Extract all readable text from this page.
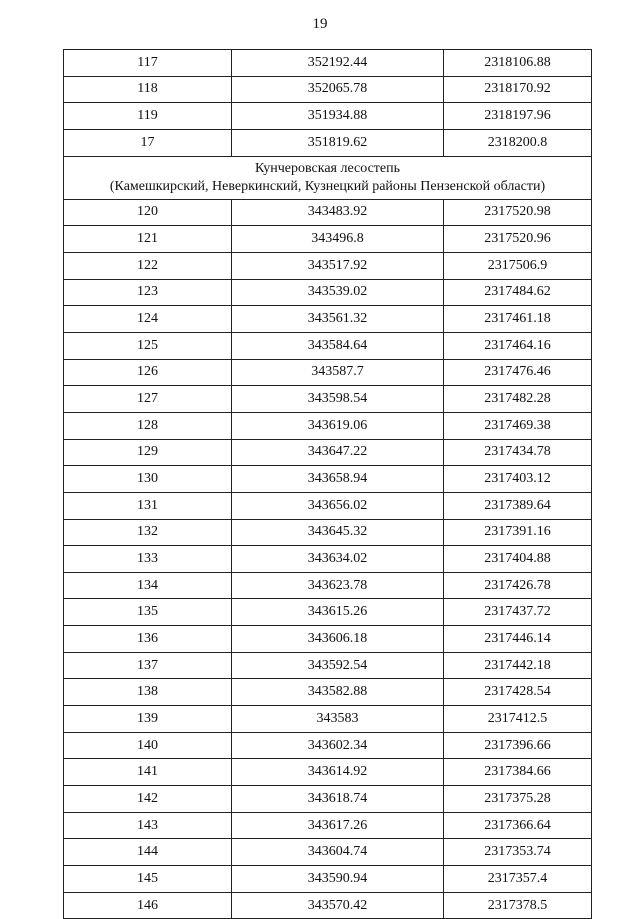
19
117	352192.44	2318106.88
118	352065.78	2318170.92
119	351934.88	2318197.96
17	351819.62	2318200.8

Кунчеровская лесостепь
(Камешкирский, Неверкинский, Кузнецкий районы Пензенской области)		

120	343483.92	2317520.98
121	343496.8	2317520.96
122	343517.92	2317506.9
123	343539.02	2317484.62
124	343561.32	2317461.18
125	343584.64	2317464.16
126	343587.7	2317476.46
127	343598.54	2317482.28
128	343619.06	2317469.38
129	343647.22	2317434.78
130	343658.94	2317403.12
131	343656.02	2317389.64
132	343645.32	2317391.16
133	343634.02	2317404.88
134	343623.78	2317426.78
135	343615.26	2317437.72
136	343606.18	2317446.14
137	343592.54	2317442.18
138	343582.88	2317428.54
139	343583	2317412.5
140	343602.34	2317396.66
141	343614.92	2317384.66
142	343618.74	2317375.28
143	343617.26	2317366.64
144	343604.74	2317353.74
145	343590.94	2317357.4
146	343570.42	2317378.5
